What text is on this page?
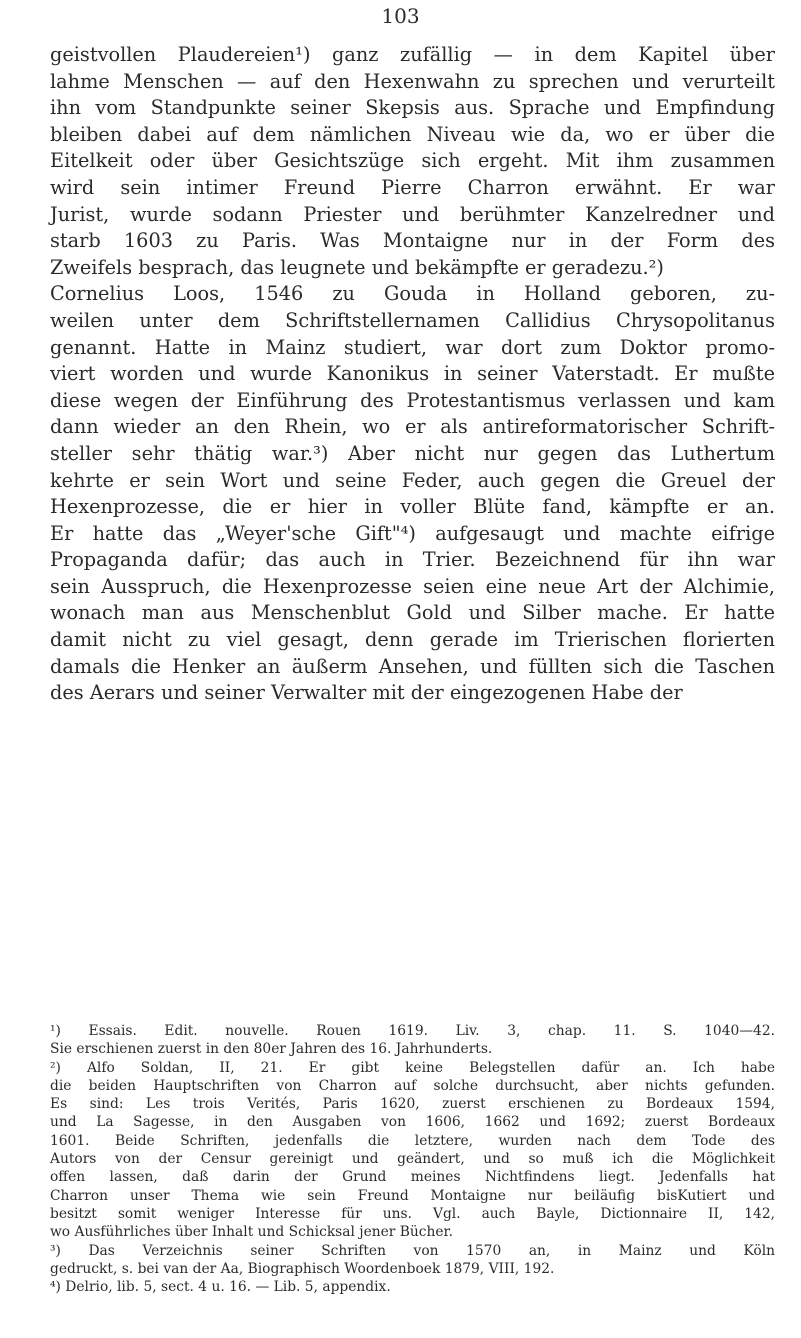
103
geistvollen Plaudereien¹) ganz zufällig — in dem Kapitel über
lahme Menschen — auf den Hexenwahn zu sprechen und verurteilt
ihn vom Standpunkte seiner Skepsis aus. Sprache und Empfindung
bleiben dabei auf dem nämlichen Niveau wie da, wo er über die
Eitelkeit oder über Gesichtszüge sich ergeht. Mit ihm zusammen
wird sein intimer Freund Pierre Charron erwähnt. Er war
Jurist, wurde sodann Priester und berühmter Kanzelredner und
starb 1603 zu Paris. Was Montaigne nur in der Form des
Zweifels besprach, das leugnete und bekämpfte er geradezu.²)
Cornelius Loos, 1546 zu Gouda in Holland geboren, zu-
weilen unter dem Schriftstellernamen Callidius Chrysopolitanus
genannt. Hatte in Mainz studiert, war dort zum Doktor promo-
viert worden und wurde Kanonikus in seiner Vaterstadt. Er mußte
diese wegen der Einführung des Protestantismus verlassen und kam
dann wieder an den Rhein, wo er als antireformatorischer Schrift-
steller sehr thätig war.³) Aber nicht nur gegen das Luthertum
kehrte er sein Wort und seine Feder, auch gegen die Greuel der
Hexenprozesse, die er hier in voller Blüte fand, kämpfte er an.
Er hatte das „Weyer'sche Gift"⁴) aufgesaugt und machte eifrige
Propaganda dafür; das auch in Trier. Bezeichnend für ihn war
sein Ausspruch, die Hexenprozesse seien eine neue Art der Alchimie,
wonach man aus Menschenblut Gold und Silber mache. Er hatte
damit nicht zu viel gesagt, denn gerade im Trierischen florierten
damals die Henker an äußerm Ansehen, und füllten sich die Taschen
des Aerars und seiner Verwalter mit der eingezogenen Habe der
¹) Essais. Edit. nouvelle. Rouen 1619. Liv. 3, chap. 11. S. 1040—42.
Sie erschienen zuerst in den 80er Jahren des 16. Jahrhunderts.
²) Alfo Soldan, II, 21. Er gibt keine Belegstellen dafür an. Ich habe
die beiden Hauptschriften von Charron auf solche durchsucht, aber nichts gefunden.
Es sind: Les trois Verités, Paris 1620, zuerst erschienen zu Bordeaux 1594,
und La Sagesse, in den Ausgaben von 1606, 1662 und 1692; zuerst Bordeaux
1601. Beide Schriften, jedenfalls die letztere, wurden nach dem Tode des
Autors von der Censur gereinigt und geändert, und so muß ich die Möglichkeit
offen lassen, daß darin der Grund meines Nichtfindens liegt. Jedenfalls hat
Charron unser Thema wie sein Freund Montaigne nur beiläufig bisKutiert und
besitzt somit weniger Interesse für uns. Vgl. auch Bayle, Dictionnaire II, 142,
wo Ausführliches über Inhalt und Schicksal jener Bücher.
³) Das Verzeichnis seiner Schriften von 1570 an, in Mainz und Köln
gedruckt, s. bei van der Aa, Biographisch Woordenboek 1879, VIII, 192.
⁴) Delrio, lib. 5, sect. 4 u. 16. — Lib. 5, appendix.
